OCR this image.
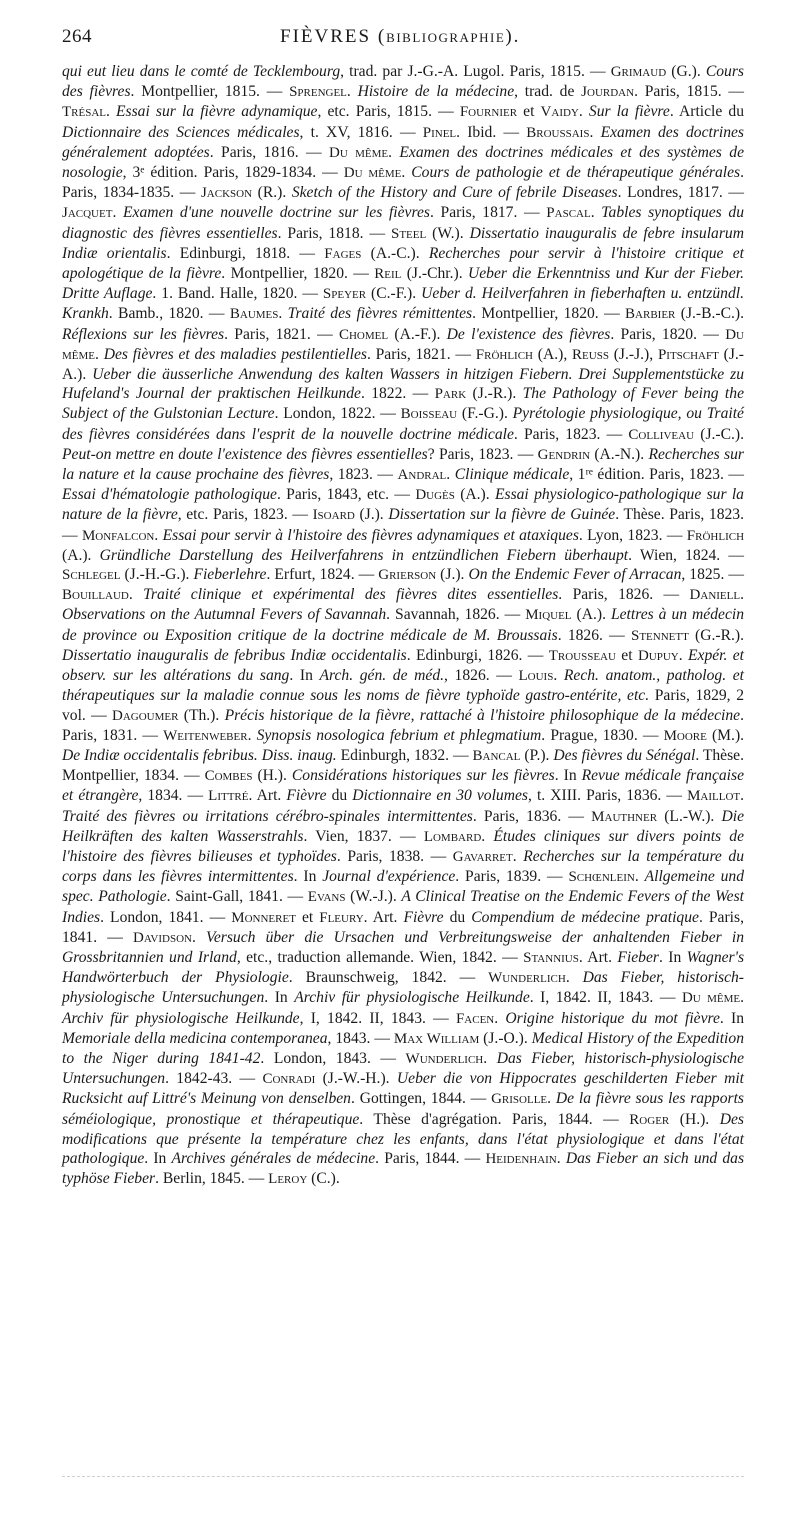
264	FIÈVRES (BIBLIOGRAPHIE).
qui eut lieu dans le comté de Tecklembourg, trad. par J.-G.-A. Lugol. Paris, 1815. — Grimaud (G.). Cours des fièvres. Montpellier, 1815. — Sprengel. Histoire de la médecine, trad. de Jourdan. Paris, 1815. — Trésal. Essai sur la fièvre adynamique, etc. Paris, 1815. — Fournier et Vaidy. Sur la fièvre. Article du Dictionnaire des Sciences médicales, t. XV, 1816. — Pinel. Ibid. — Broussais. Examen des doctrines généralement adoptées. Paris, 1816. — Du même. Examen des doctrines médicales et des systèmes de nosologie, 3ᵉ édition. Paris, 1829-1834. — Du même. Cours de pathologie et de thérapeutique générales. Paris, 1834-1835. — Jackson (R.). Sketch of the History and Cure of febrile Diseases. Londres, 1817. — Jacquet. Examen d'une nouvelle doctrine sur les fièvres. Paris, 1817. — Pascal. Tables synoptiques du diagnostic des fièvres essentielles. Paris, 1818. — Steel (W.). Dissertatio inauguralis de febre insularum Indiæ orientalis. Edinburgi, 1818. — Fages (A.-C.). Recherches pour servir à l'histoire critique et apologétique de la fièvre. Montpellier, 1820. — Reil (J.-Chr.). Ueber die Erkenntniss und Kur der Fieber. Dritte Auflage. 1. Band. Halle, 1820. — Speyer (C.-F.). Ueber d. Heilverfahren in fieberhaften u. entzündl. Krankh. Bamb., 1820. — Baumes. Traité des fièvres rémittentes. Montpellier, 1820. — Barbier (J.-B.-C.). Réflexions sur les fièvres. Paris, 1821. — Chomel (A.-F.). De l'existence des fièvres. Paris, 1820. — Du même. Des fièvres et des maladies pestilentielles. Paris, 1821. — Fröhlich (A.), Reuss (J.-J.), Pitschaft (J.-A.). Ueber die äusserliche Anwendung des kalten Wassers in hitzigen Fiebern. Drei Supplementstücke zu Hufeland's Journal der praktischen Heilkunde. 1822. — Park (J.-R.). The Pathology of Fever being the Subject of the Gulstonian Lecture. London, 1822. — Boisseau (F.-G.). Pyrétologie physiologique, ou Traité des fièvres considérées dans l'esprit de la nouvelle doctrine médicale. Paris, 1823. — Colliveau (J.-C.). Peut-on mettre en doute l'existence des fièvres essentielles? Paris, 1823. — Gendrin (A.-N.). Recherches sur la nature et la cause prochaine des fièvres, 1823. — Andral. Clinique médicale, 1ʳᵉ édition. Paris, 1823. — Essai d'hématologie pathologique. Paris, 1843, etc. — Dugès (A.). Essai physiologico-pathologique sur la nature de la fièvre, etc. Paris, 1823. — Isoard (J.). Dissertation sur la fièvre de Guinée. Thèse. Paris, 1823. — Monfalcon. Essai pour servir à l'histoire des fièvres adynamiques et ataxiques. Lyon, 1823. — Fröhlich (A.). Gründliche Darstellung des Heilverfahrens in entzündlichen Fiebern überhaupt. Wien, 1824. — Schlegel (J.-H.-G.). Fieberlehre. Erfurt, 1824. — Grierson (J.). On the Endemic Fever of Arracan, 1825. — Bouillaud. Traité clinique et expérimental des fièvres dites essentielles. Paris, 1826. — Daniell. Observations on the Autumnal Fevers of Savannah. Savannah, 1826. — Miquel (A.). Lettres à un médecin de province ou Exposition critique de la doctrine médicale de M. Broussais. 1826. — Stennett (G.-R.). Dissertatio inauguralis de febribus Indiæ occidentalis. Edinburgi, 1826. — Trousseau et Dupuy. Expér. et observ. sur les altérations du sang. In Arch. gén. de méd., 1826. — Louis. Rech. anatom., patholog. et thérapeutiques sur la maladie connue sous les noms de fièvre typhoïde gastro-entérite, etc. Paris, 1829, 2 vol. — Dagoumer (Th.). Précis historique de la fièvre, rattaché à l'histoire philosophique de la médecine. Paris, 1831. — Weitenweber. Synopsis nosologica febrium et phlegmatium. Prague, 1830. — Moore (M.). De Indiæ occidentalis febribus. Diss. inaug. Edinburgh, 1832. — Bancal (P.). Des fièvres du Sénégal. Thèse. Montpellier, 1834. — Combes (H.). Considérations historiques sur les fièvres. In Revue médicale française et étrangère, 1834. — Littré. Art. Fièvre du Dictionnaire en 30 volumes, t. XIII. Paris, 1836. — Maillot. Traité des fièvres ou irritations cérébro-spinales intermittentes. Paris, 1836. — Mauthner (L.-W.). Die Heilkräften des kalten Wasserstrahls. Vien, 1837. — Lombard. Études cliniques sur divers points de l'histoire des fièvres bilieuses et typhoïdes. Paris, 1838. — Gavarret. Recherches sur la température du corps dans les fièvres intermittentes. In Journal d'expérience. Paris, 1839. — Schœnlein. Allgemeine und spec. Pathologie. Saint-Gall, 1841. — Evans (W.-J.). A Clinical Treatise on the Endemic Fevers of the West Indies. London, 1841. — Monneret et Fleury. Art. Fièvre du Compendium de médecine pratique. Paris, 1841. — Davidson. Versuch über die Ursachen und Verbreitungsweise der anhaltenden Fieber in Grossbritannien und Irland, etc., traduction allemande. Wien, 1842. — Stannius. Art. Fieber. In Wagner's Handwörterbuch der Physiologie. Braunschweig, 1842. — Wunderlich. Das Fieber, historisch-physiologische Untersuchungen. In Archiv für physiologische Heilkunde. I, 1842. II, 1843. — Du même. Archiv für physiologische Heilkunde, I, 1842. II, 1843. — Facen. Origine historique du mot fièvre. In Memoriale della medicina contemporanea, 1843. — Max William (J.-O.). Medical History of the Expedition to the Niger during 1841-42. London, 1843. — Wunderlich. Das Fieber, historisch-physiologische Untersuchungen. 1842-43. — Conradi (J.-W.-H.). Ueber die von Hippocrates geschilderten Fieber mit Rucksicht auf Littré's Meinung von denselben. Gottingen, 1844. — Grisolle. De la fièvre sous les rapports séméiologique, pronostique et thérapeutique. Thèse d'agrégation. Paris, 1844. — Roger (H.). Des modifications que présente la température chez les enfants, dans l'état physiologique et dans l'état pathologique. In Archives générales de médecine. Paris, 1844. — Heidenhain. Das Fieber an sich und das typhöse Fieber. Berlin, 1845. — Leroy (C.).
